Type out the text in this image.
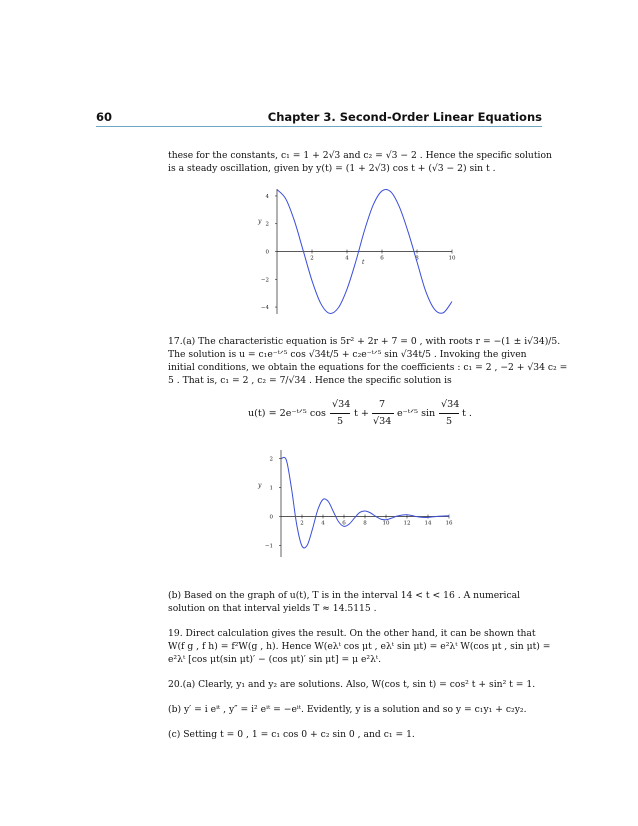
60	Chapter 3. Second-Order Linear Equations
these for the constants, c₁ = 1 + 2√3 and c₂ = √3 − 2 . Hence the specific solution
is a steady oscillation, given by y(t) = (1 + 2√3) cos t + (√3 − 2) sin t .
4
2
0
−2
−4
2	4	6	8	10
y
t
17.(a) The characteristic equation is 5r² + 2r + 7 = 0 , with roots r = −(1 ± i√34)/5.
The solution is u = c₁e⁻ᵗᐟ⁵ cos √34t/5 + c₂e⁻ᵗᐟ⁵ sin √34t/5 . Invoking the given
initial conditions, we obtain the equations for the coefficients : c₁ = 2 , −2 + √34 c₂ =
5 . That is, c₁ = 2 , c₂ = 7/√34 . Hence the specific solution is
u(t) = 2e⁻ᵗᐟ⁵ cos
√34
5
t +
7
√34
e⁻ᵗᐟ⁵ sin
√34
5
t .
2
1
0
−1
2	4	6	8	10	12	14	16
y
(b) Based on the graph of u(t), T is in the interval 14 < t < 16 . A numerical
solution on that interval yields T ≈ 14.5115 .
19. Direct calculation gives the result. On the other hand, it can be shown that
W(f g , f h) = f²W(g , h). Hence W(eλᵗ cos μt , eλᵗ sin μt) = e²λᵗ W(cos μt , sin μt) =
e²λᵗ [cos μt(sin μt)′ − (cos μt)′ sin μt] = μ e²λᵗ.
20.(a) Clearly, y₁ and y₂ are solutions. Also, W(cos t, sin t) = cos² t + sin² t = 1.
(b) y′ = i eⁱᵗ , y″ = i² eⁱᵗ = −eⁱᵗ. Evidently, y is a solution and so y = c₁y₁ + c₂y₂.
(c) Setting t = 0 , 1 = c₁ cos 0 + c₂ sin 0 , and c₁ = 1.
